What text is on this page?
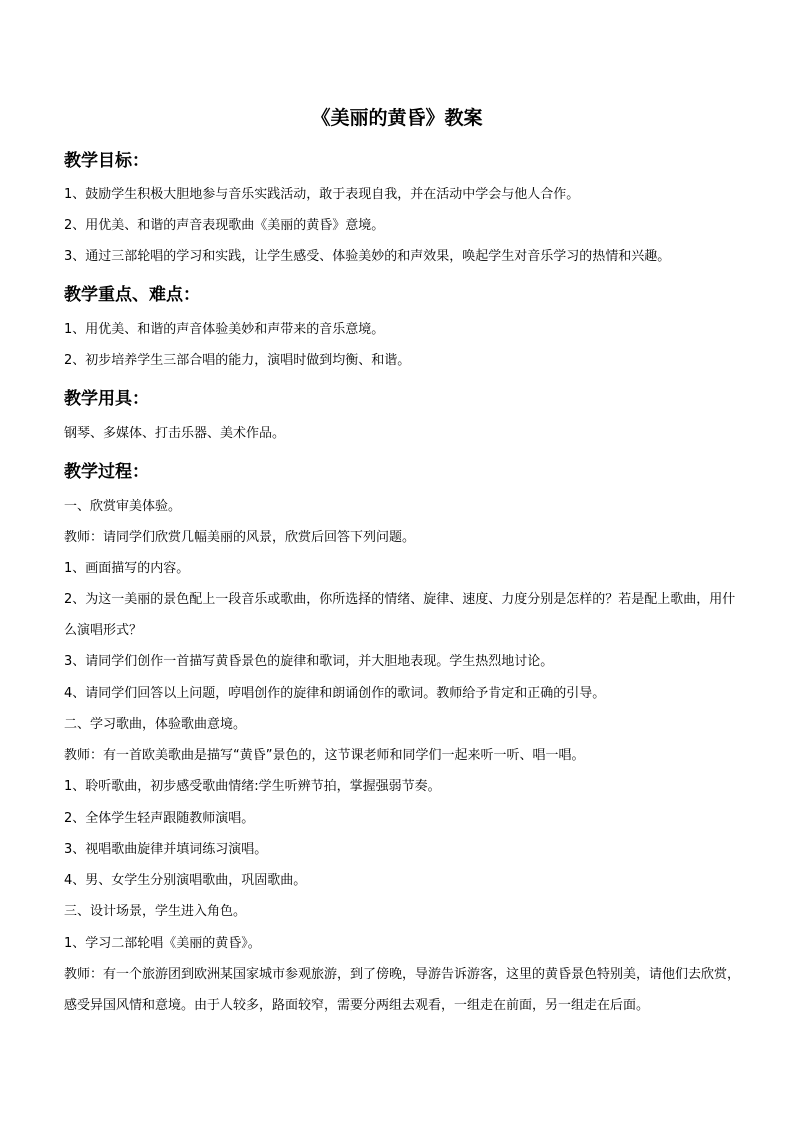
《美丽的黄昏》教案
教学目标：
1、鼓励学生积极大胆地参与音乐实践活动，敢于表现自我，并在活动中学会与他人合作。
2、用优美、和谐的声音表现歌曲《美丽的黄昏》意境。
3、通过三部轮唱的学习和实践，让学生感受、体验美妙的和声效果，唤起学生对音乐学习的热情和兴趣。
教学重点、难点：
1、用优美、和谐的声音体验美妙和声带来的音乐意境。
2、初步培养学生三部合唱的能力，演唱时做到均衡、和谐。
教学用具：
钢琴、多媒体、打击乐器、美术作品。
教学过程：
一、欣赏审美体验。
教师：请同学们欣赏几幅美丽的风景，欣赏后回答下列问题。
1、画面描写的内容。
2、为这一美丽的景色配上一段音乐或歌曲，你所选择的情绪、旋律、速度、力度分别是怎样的？若是配上歌曲，用什么演唱形式？
3、请同学们创作一首描写黄昏景色的旋律和歌词，并大胆地表现。学生热烈地讨论。
4、请同学们回答以上问题，哼唱创作的旋律和朗诵创作的歌词。教师给予肯定和正确的引导。
二、学习歌曲，体验歌曲意境。
教师：有一首欧美歌曲是描写“黄昏”景色的，这节课老师和同学们一起来听一听、唱一唱。
1、聆听歌曲，初步感受歌曲情绪:学生听辨节拍，掌握强弱节奏。
2、全体学生轻声跟随教师演唱。
3、视唱歌曲旋律并填词练习演唱。
4、男、女学生分别演唱歌曲，巩固歌曲。
三、设计场景，学生进入角色。
1、学习二部轮唱《美丽的黄昏》。
教师：有一个旅游团到欧洲某国家城市参观旅游，到了傍晚，导游告诉游客，这里的黄昏景色特别美，请他们去欣赏，感受异国风情和意境。由于人较多，路面较窄，需要分两组去观看，一组走在前面，另一组走在后面。
